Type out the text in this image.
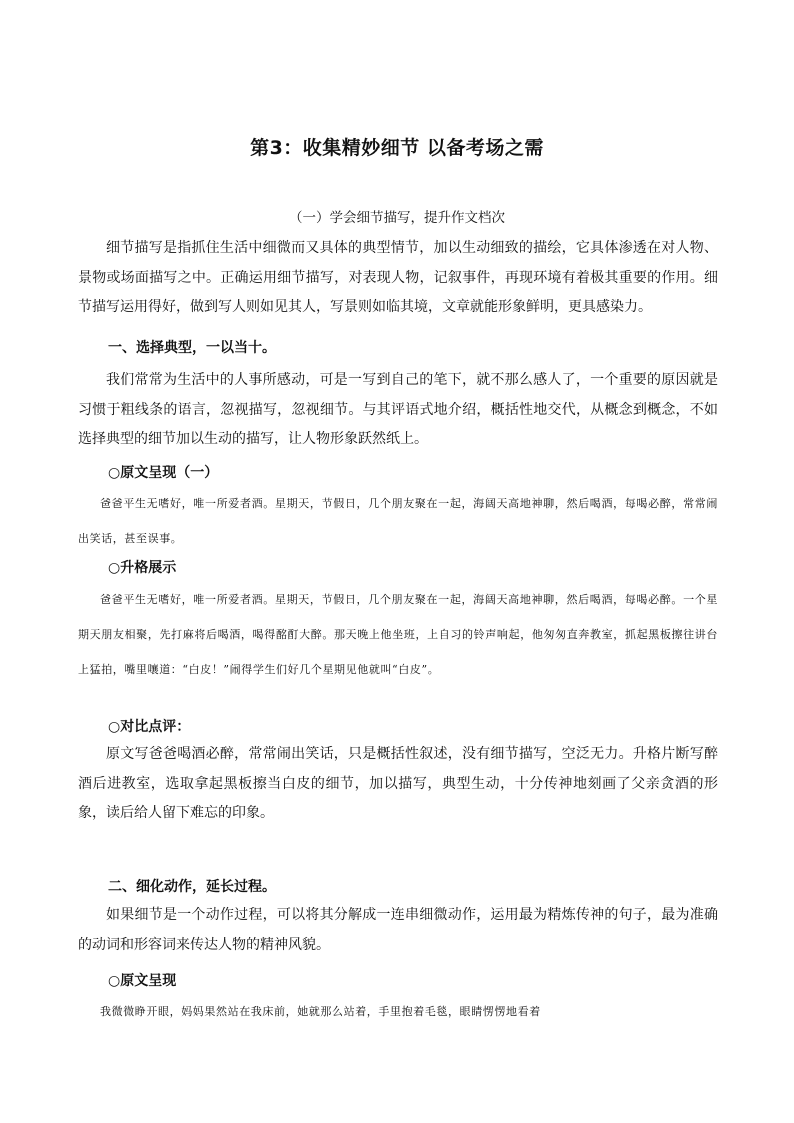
第3：收集精妙细节 以备考场之需
（一）学会细节描写，提升作文档次

细节描写是指抓住生活中细微而又具体的典型情节，加以生动细致的描绘，它具体渗透在对人物、景物或场面描写之中。正确运用细节描写，对表现人物，记叙事件，再现环境有着极其重要的作用。细节描写运用得好，做到写人则如见其人，写景则如临其境，文章就能形象鲜明，更具感染力。

一、选择典型，一以当十。

我们常常为生活中的人事所感动，可是一写到自己的笔下，就不那么感人了，一个重要的原因就是习惯于粗线条的语言，忽视描写，忽视细节。与其评语式地介绍，概括性地交代，从概念到概念，不如选择典型的细节加以生动的描写，让人物形象跃然纸上。

○原文呈现（一）

爸爸平生无嗜好，唯一所爱者酒。星期天，节假日，几个朋友聚在一起，海阔天高地神聊，然后喝酒，每喝必醉，常常闹出笑话，甚至误事。

○升格展示

爸爸平生无嗜好，唯一所爱者酒。星期天，节假日，几个朋友聚在一起，海阔天高地神聊，然后喝酒，每喝必醉。一个星期天朋友相聚，先打麻将后喝酒，喝得酩酊大醉。那天晚上他坐班，上自习的铃声响起，他匆匆直奔教室，抓起黑板擦往讲台上猛拍，嘴里嚷道：“白皮！”闹得学生们好几个星期见他就叫“白皮”。

○对比点评：

原文写爸爸喝酒必醉，常常闹出笑话，只是概括性叙述，没有细节描写，空泛无力。升格片断写醉酒后进教室，选取拿起黑板擦当白皮的细节，加以描写，典型生动，十分传神地刻画了父亲贪酒的形象，读后给人留下难忘的印象。

二、细化动作，延长过程。

如果细节是一个动作过程，可以将其分解成一连串细微动作，运用最为精炼传神的句子，最为准确的动词和形容词来传达人物的精神风貌。

○原文呈现

我微微睁开眼，妈妈果然站在我床前，她就那么站着，手里抱着毛毯，眼睛愣愣地看着
